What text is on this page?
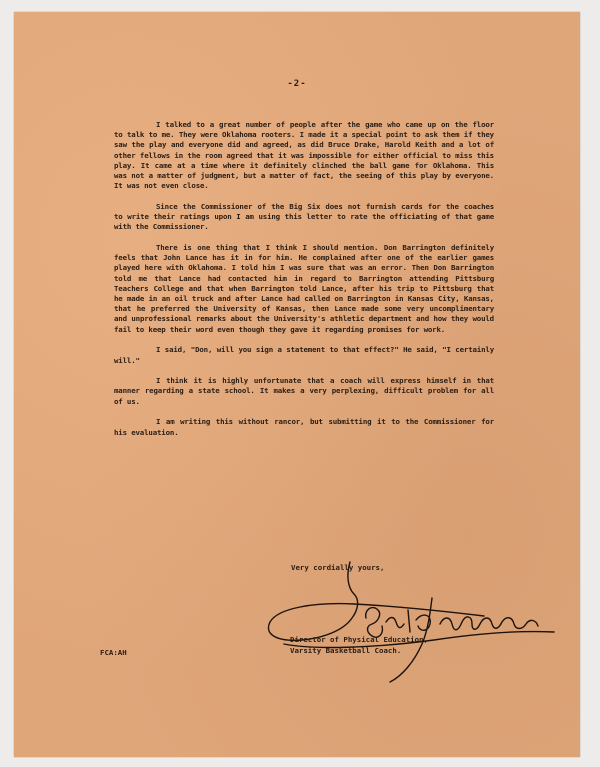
-2-

I talked to a great number of people after the game who came up on the floor to talk to me. They were Oklahoma rooters. I made it a special point to ask them if they saw the play and everyone did and agreed, as did Bruce Drake, Harold Keith and a lot of other fellows in the room agreed that it was impossible for either official to miss this play. It came at a time where it definitely clinched the ball game for Oklahoma. This was not a matter of judgment, but a matter of fact, the seeing of this play by everyone. It was not even close.

Since the Commissioner of the Big Six does not furnish cards for the coaches to write their ratings upon I am using this letter to rate the officiating of that game with the Commissioner.

There is one thing that I think I should mention. Don Barrington definitely feels that John Lance has it in for him. He complained after one of the earlier games played here with Oklahoma. I told him I was sure that was an error. Then Don Barrington told me that Lance had contacted him in regard to Barrington attending Pittsburg Teachers College and that when Barrington told Lance, after his trip to Pittsburg that he made in an oil truck and after Lance had called on Barrington in Kansas City, Kansas, that he preferred the University of Kansas, then Lance made some very uncomplimentary and unprofessional remarks about the University's athletic department and how they would fail to keep their word even though they gave it regarding promises for work.

I said, "Don, will you sign a statement to that effect?" He said, "I certainly will."

I think it is highly unfortunate that a coach will express himself in that manner regarding a state school. It makes a very perplexing, difficult problem for all of us.

I am writing this without rancor, but submitting it to the Commissioner for his evaluation.

Very cordially yours,
Director of Physical Education,
Varsity Basketball Coach.
FCA:AH
